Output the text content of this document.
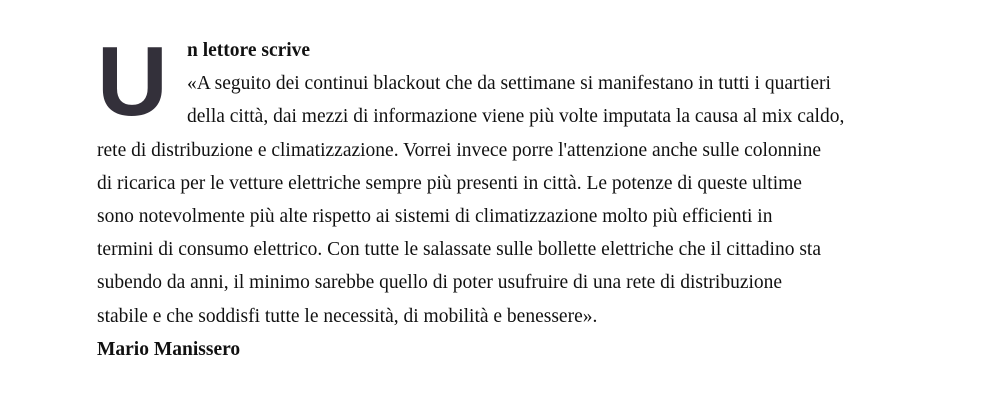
U n lettore scrive
«A seguito dei continui blackout che da settimane si manifestano in tutti i quartieri
della città, dai mezzi di informazione viene più volte imputata la causa al mix caldo,
rete di distribuzione e climatizzazione. Vorrei invece porre l'attenzione anche sulle colonnine
di ricarica per le vetture elettriche sempre più presenti in città. Le potenze di queste ultime
sono notevolmente più alte rispetto ai sistemi di climatizzazione molto più efficienti in
termini di consumo elettrico. Con tutte le salassate sulle bollette elettriche che il cittadino sta
subendo da anni, il minimo sarebbe quello di poter usufruire di una rete di distribuzione
stabile e che soddisfi tutte le necessità, di mobilità e benessere».
Mario Manissero
